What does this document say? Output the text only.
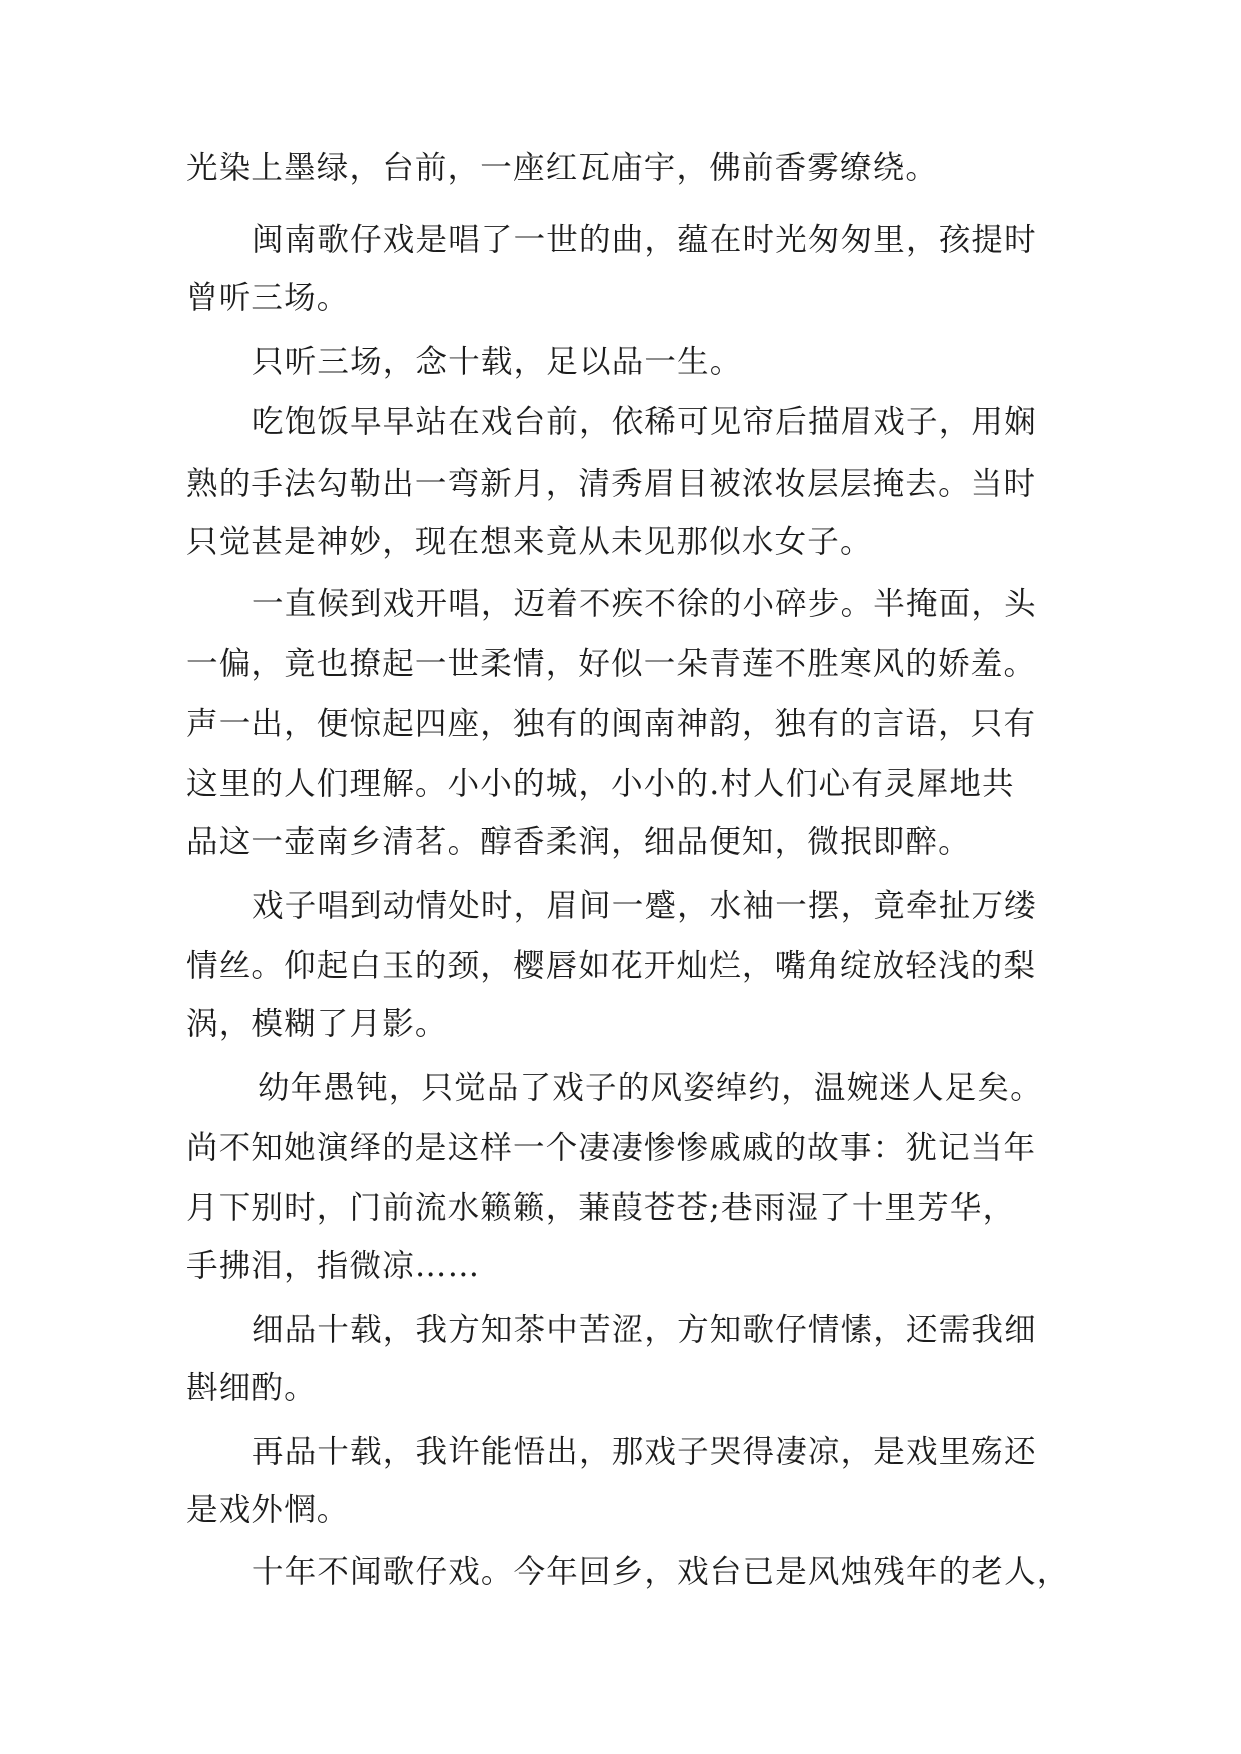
光染上墨绿，台前，一座红瓦庙宇，佛前香雾缭绕。
闽南歌仔戏是唱了一世的曲，蕴在时光匆匆里，孩提时
曾听三场。
只听三场，念十载，足以品一生。
吃饱饭早早站在戏台前，依稀可见帘后描眉戏子，用娴
熟的手法勾勒出一弯新月，清秀眉目被浓妆层层掩去。当时
只觉甚是神妙，现在想来竟从未见那似水女子。
一直候到戏开唱，迈着不疾不徐的小碎步。半掩面，头
一偏，竟也撩起一世柔情，好似一朵青莲不胜寒风的娇羞。
声一出，便惊起四座，独有的闽南神韵，独有的言语，只有
这里的人们理解。小小的城，小小的.村人们心有灵犀地共
品这一壶南乡清茗。醇香柔润，细品便知，微抿即醉。
戏子唱到动情处时，眉间一蹙，水袖一摆，竟牵扯万缕
情丝。仰起白玉的颈，樱唇如花开灿烂，嘴角绽放轻浅的梨
涡，模糊了月影。
幼年愚钝，只觉品了戏子的风姿绰约，温婉迷人足矣。
尚不知她演绎的是这样一个凄凄惨惨戚戚的故事：犹记当年
月下别时，门前流水籁籁，蒹葭苍苍;巷雨湿了十里芳华，
手拂泪，指微凉……
细品十载，我方知茶中苦涩，方知歌仔情愫，还需我细
斟细酌。
再品十载，我许能悟出，那戏子哭得凄凉，是戏里殇还
是戏外惘。
十年不闻歌仔戏。今年回乡，戏台已是风烛残年的老人，
